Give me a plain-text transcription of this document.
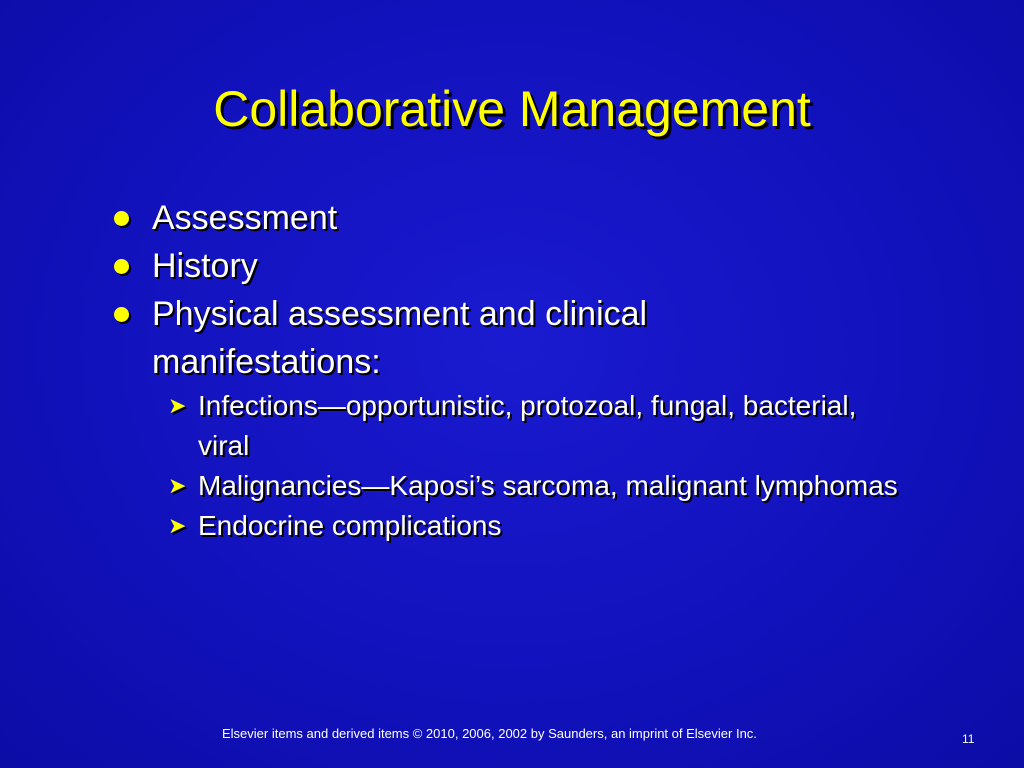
Collaborative Management
Assessment
History
Physical assessment and clinical manifestations:
➤ Infections—opportunistic, protozoal, fungal, bacterial, viral
➤ Malignancies—Kaposi’s sarcoma, malignant lymphomas
➤ Endocrine complications
Elsevier items and derived items © 2010, 2006, 2002 by Saunders, an imprint of Elsevier Inc.	11
